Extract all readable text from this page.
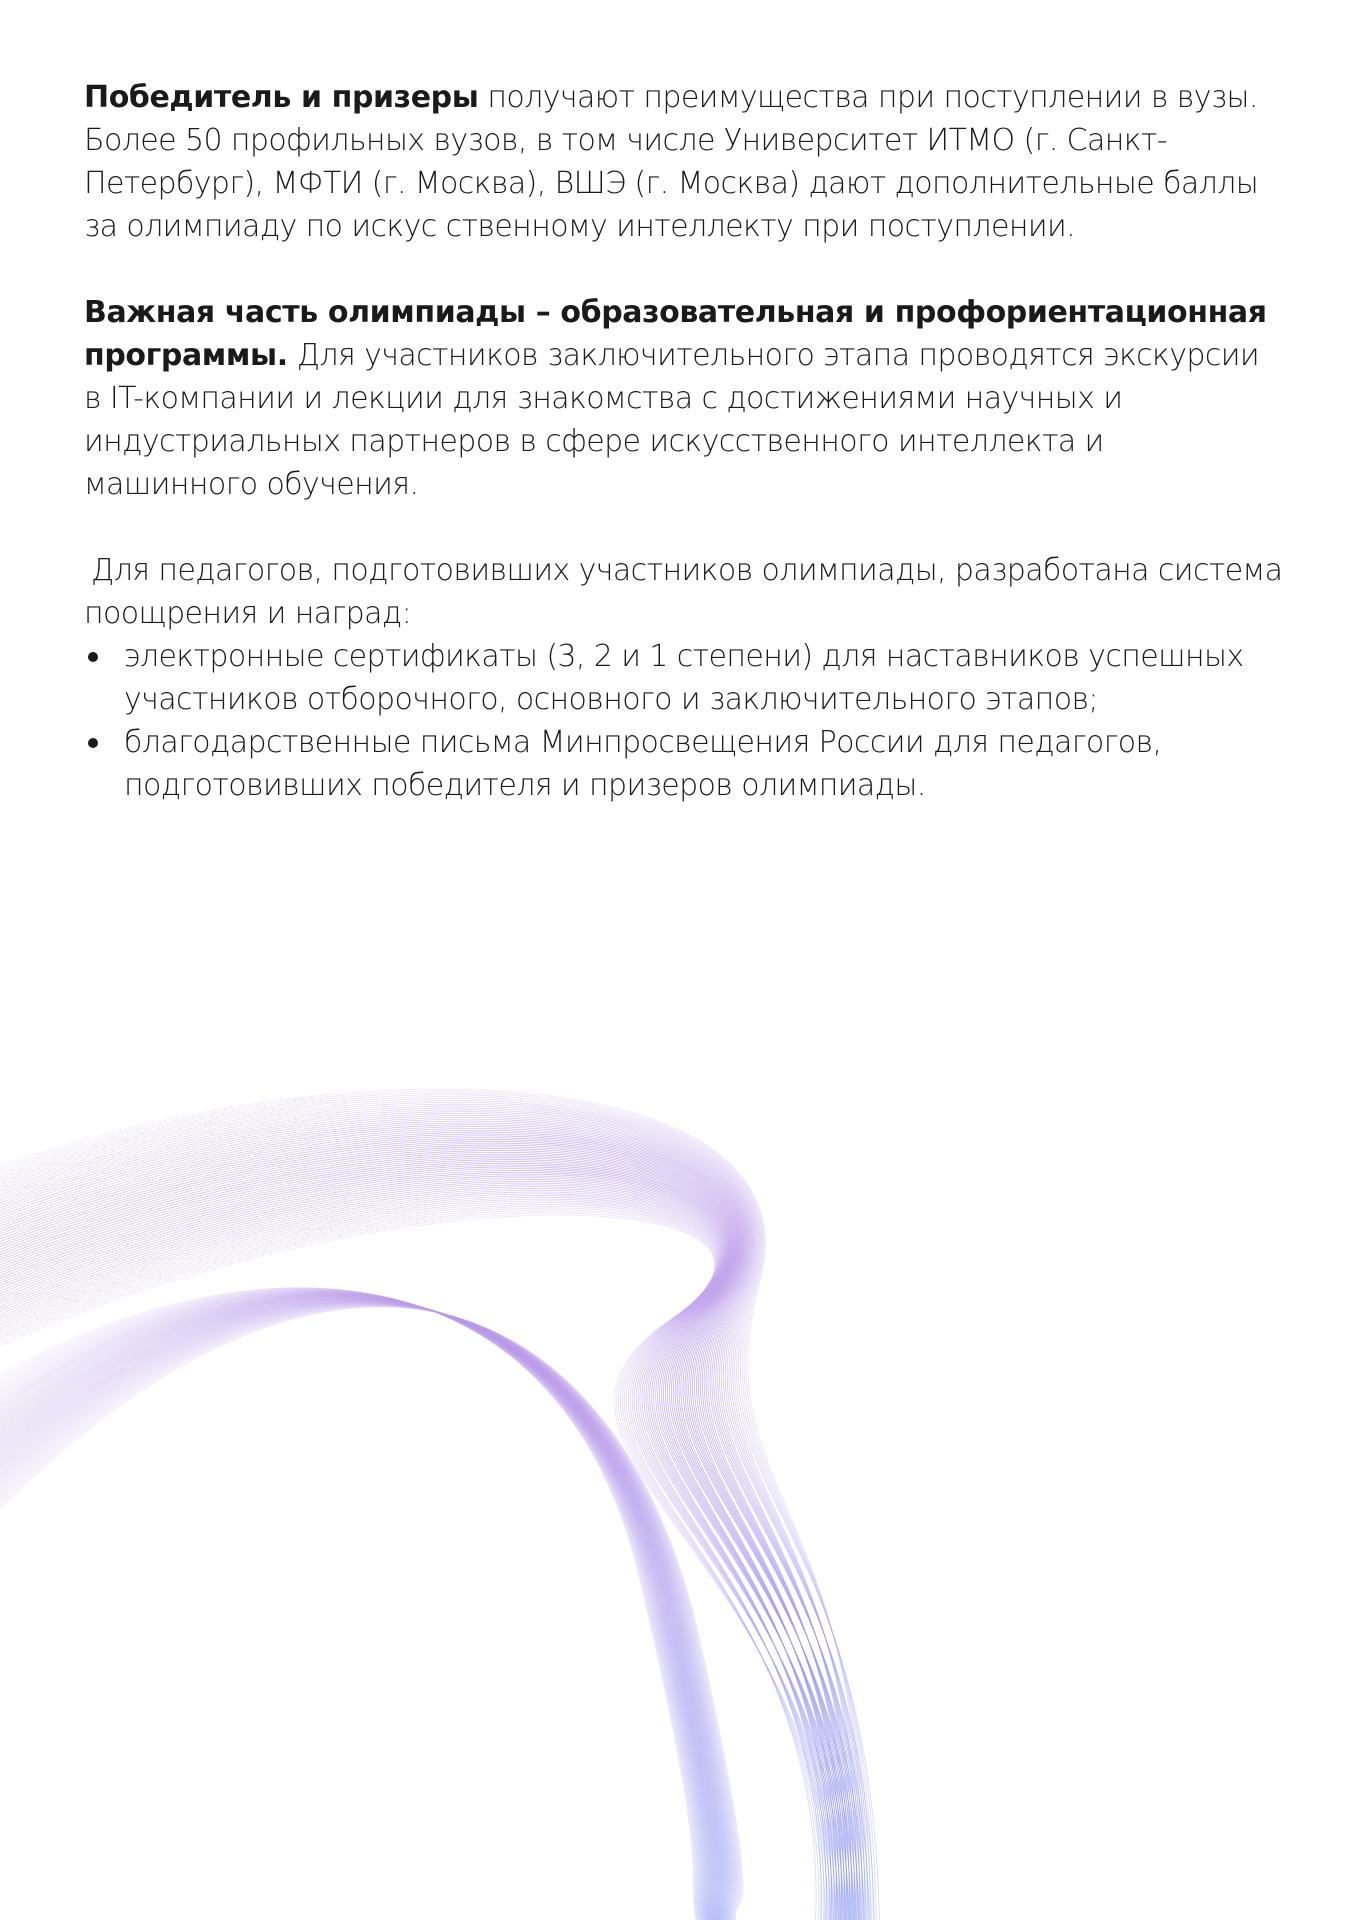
Победитель и призеры получают преимущества при поступлении в вузы. Более 50 профильных вузов, в том числе Университет ИТМО (г. Санкт-Петербург), МФТИ (г. Москва), ВШЭ (г. Москва) дают дополнительные баллы за олимпиаду по искус ственному интеллекту при поступлении.

Важная часть олимпиады – образовательная и профориентационная программы. Для участников заключительного этапа проводятся экскурсии в IT-компании и лекции для знакомства с достижениями научных и индустриальных партнеров в сфере искусственного интеллекта и машинного обучения.

Для педагогов, подготовивших участников олимпиады, разработана система
поощрения и наград:

электронные сертификаты (3, 2 и 1 степени) для наставников успешных участников отборочного, основного и заключительного этапов;
благодарственные письма Минпросвещения России для педагогов, подготовивших победителя и призеров олимпиады.
